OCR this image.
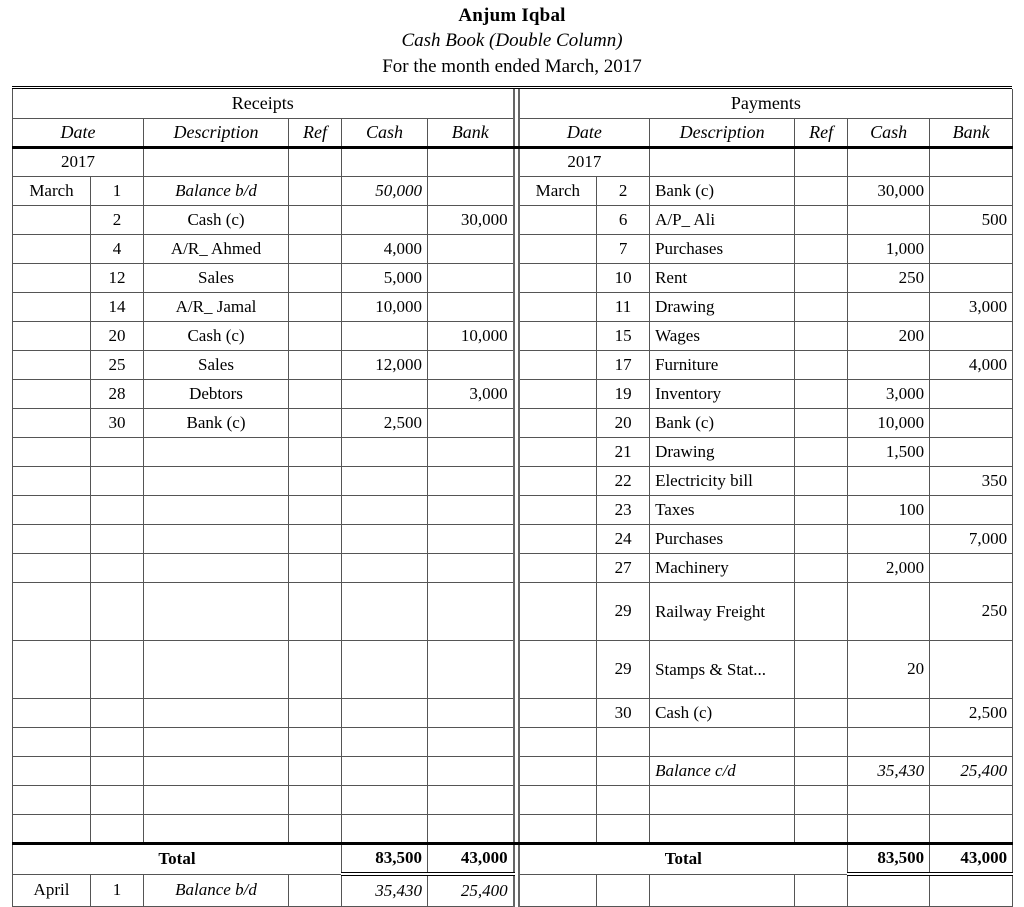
Anjum Iqbal
Cash Book (Double Column)
For the month ended March, 2017
Receipts							Payments					
Date		Description	Ref	Cash	Bank		Date		Description	Ref	Cash	Bank
2017							2017					
March	1	Balance b/d		50,000			March	2	Bank (c)		30,000	
	2	Cash (c)			30,000			6	A/P_ Ali			500
	4	A/R_ Ahmed		4,000				7	Purchases		1,000	
	12	Sales		5,000				10	Rent		250	
	14	A/R_ Jamal		10,000				11	Drawing			3,000
	20	Cash (c)			10,000			15	Wages		200	
	25	Sales		12,000				17	Furniture			4,000
	28	Debtors			3,000			19	Inventory		3,000	
	30	Bank (c)		2,500				20	Bank (c)		10,000	
								21	Drawing		1,500	
								22	Electricity bill			350
								23	Taxes		100	
								24	Purchases			7,000
								27	Machinery		2,000	
								29	Railway Freight			250
								29	Stamps & Stat...		20	
								30	Cash (c)			2,500

									Balance c/d		35,430	25,400

Total				83,500	43,000		Total				83,500	43,000
April	1	Balance b/d		35,430	25,400							
